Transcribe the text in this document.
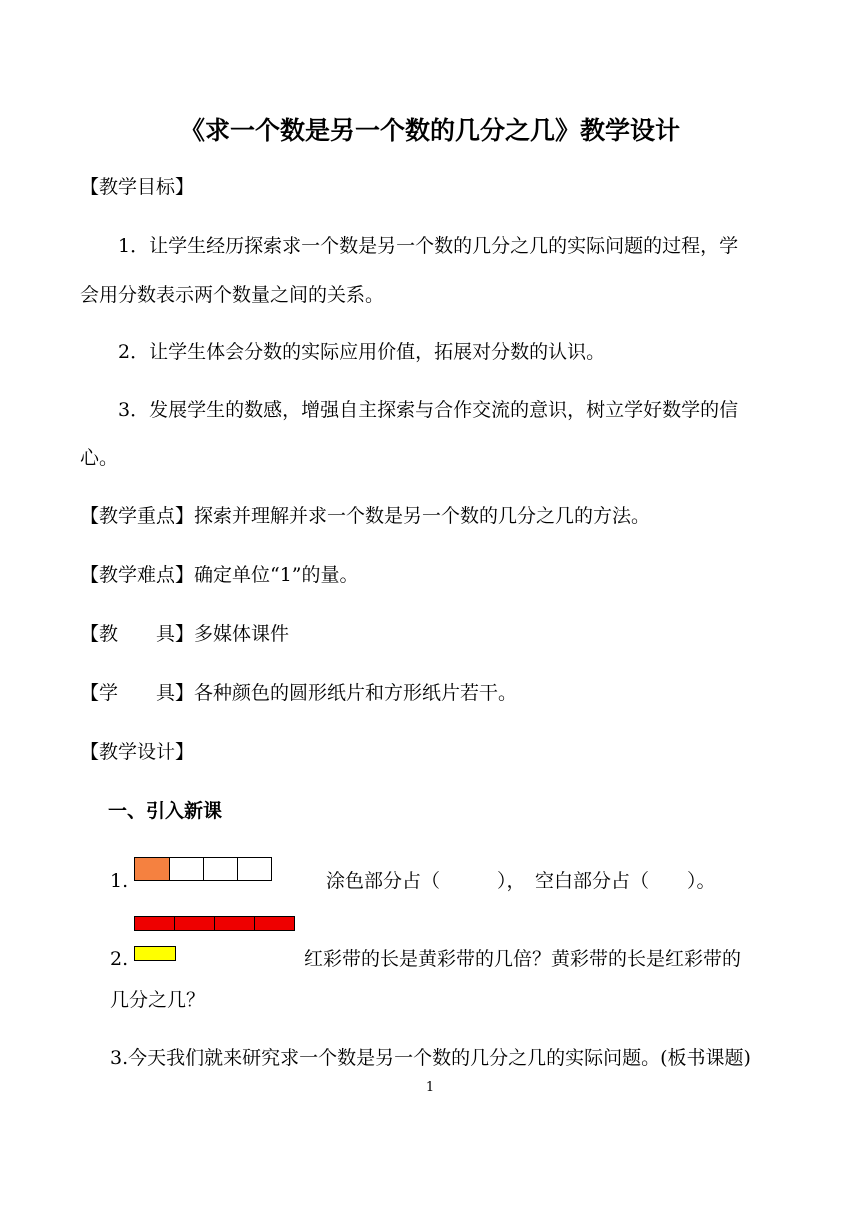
《求一个数是另一个数的几分之几》教学设计
【教学目标】
1．让学生经历探索求一个数是另一个数的几分之几的实际问题的过程，学
会用分数表示两个数量之间的关系。
2．让学生体会分数的实际应用价值，拓展对分数的认识。
3．发展学生的数感，增强自主探索与合作交流的意识，树立学好数学的信
心。
【教学重点】探索并理解并求一个数是另一个数的几分之几的方法。
【教学难点】确定单位“1”的量。
【教　　具】多媒体课件
【学　　具】各种颜色的圆形纸片和方形纸片若干。
【教学设计】
一、引入新课
1.	涂色部分占（　　　），　空白部分占（　　）。
2.	红彩带的长是黄彩带的几倍？黄彩带的长是红彩带的
几分之几？
3.今天我们就来研究求一个数是另一个数的几分之几的实际问题。(板书课题)
1
